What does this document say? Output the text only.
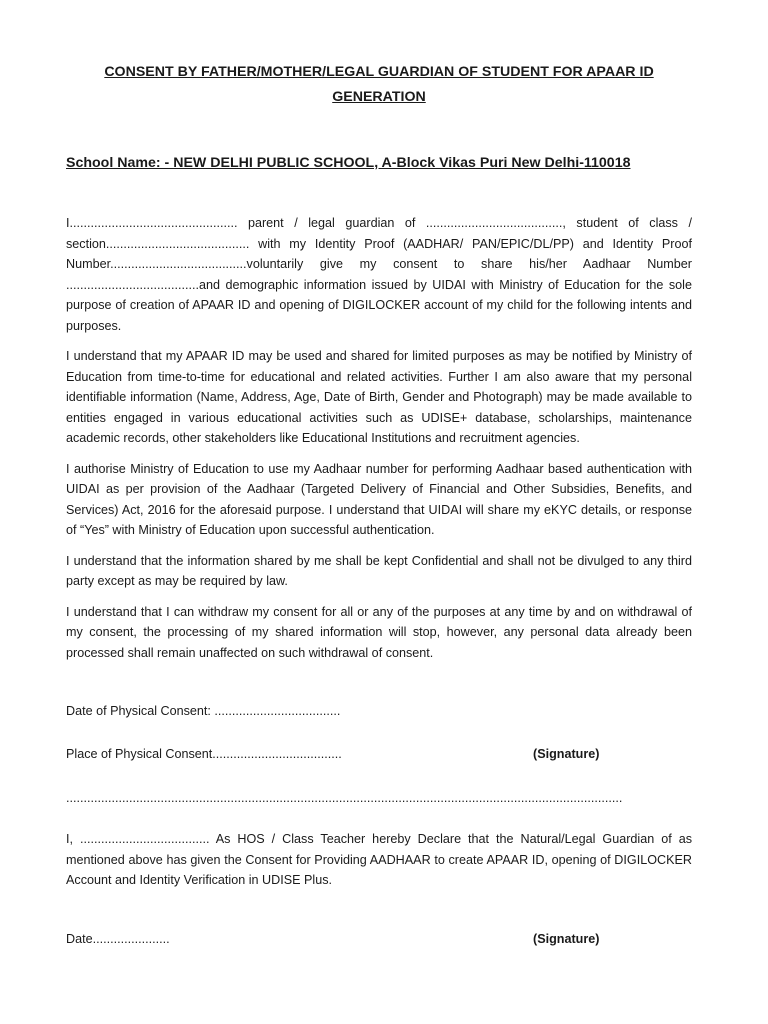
CONSENT BY FATHER/MOTHER/LEGAL GUARDIAN OF STUDENT FOR APAAR ID
GENERATION
School Name: - NEW DELHI PUBLIC SCHOOL, A-Block Vikas Puri New Delhi-110018

I................................................ parent / legal guardian of ......................................., student of class / section......................................... with my Identity Proof (AADHAR/ PAN/EPIC/DL/PP) and Identity Proof Number.......................................voluntarily give my consent to share his/her Aadhaar Number ......................................and demographic information issued by UIDAI with Ministry of Education for the sole purpose of creation of APAAR ID and opening of DIGILOCKER account of my child for the following intents and purposes.

I understand that my APAAR ID may be used and shared for limited purposes as may be notified by Ministry of Education from time-to-time for educational and related activities. Further I am also aware that my personal identifiable information (Name, Address, Age, Date of Birth, Gender and Photograph) may be made available to entities engaged in various educational activities such as UDISE+ database, scholarships, maintenance academic records, other stakeholders like Educational Institutions and recruitment agencies.

I authorise Ministry of Education to use my Aadhaar number for performing Aadhaar based authentication with UIDAI as per provision of the Aadhaar (Targeted Delivery of Financial and Other Subsidies, Benefits, and Services) Act, 2016 for the aforesaid purpose. I understand that UIDAI will share my eKYC details, or response of “Yes” with Ministry of Education upon successful authentication.

I understand that the information shared by me shall be kept Confidential and shall not be divulged to any third party except as may be required by law.

I understand that I can withdraw my consent for all or any of the purposes at any time by and on withdrawal of my consent, the processing of my shared information will stop, however, any personal data already been processed shall remain unaffected on such withdrawal of consent.

Date of Physical Consent: ....................................
Place of Physical Consent.....................................	(Signature)
...............................................................................................................................................................

I, ..................................... As HOS / Class Teacher hereby Declare that the Natural/Legal Guardian of as mentioned above has given the Consent for Providing AADHAAR to create APAAR ID, opening of DIGILOCKER Account and Identity Verification in UDISE Plus.

Date......................	(Signature)
